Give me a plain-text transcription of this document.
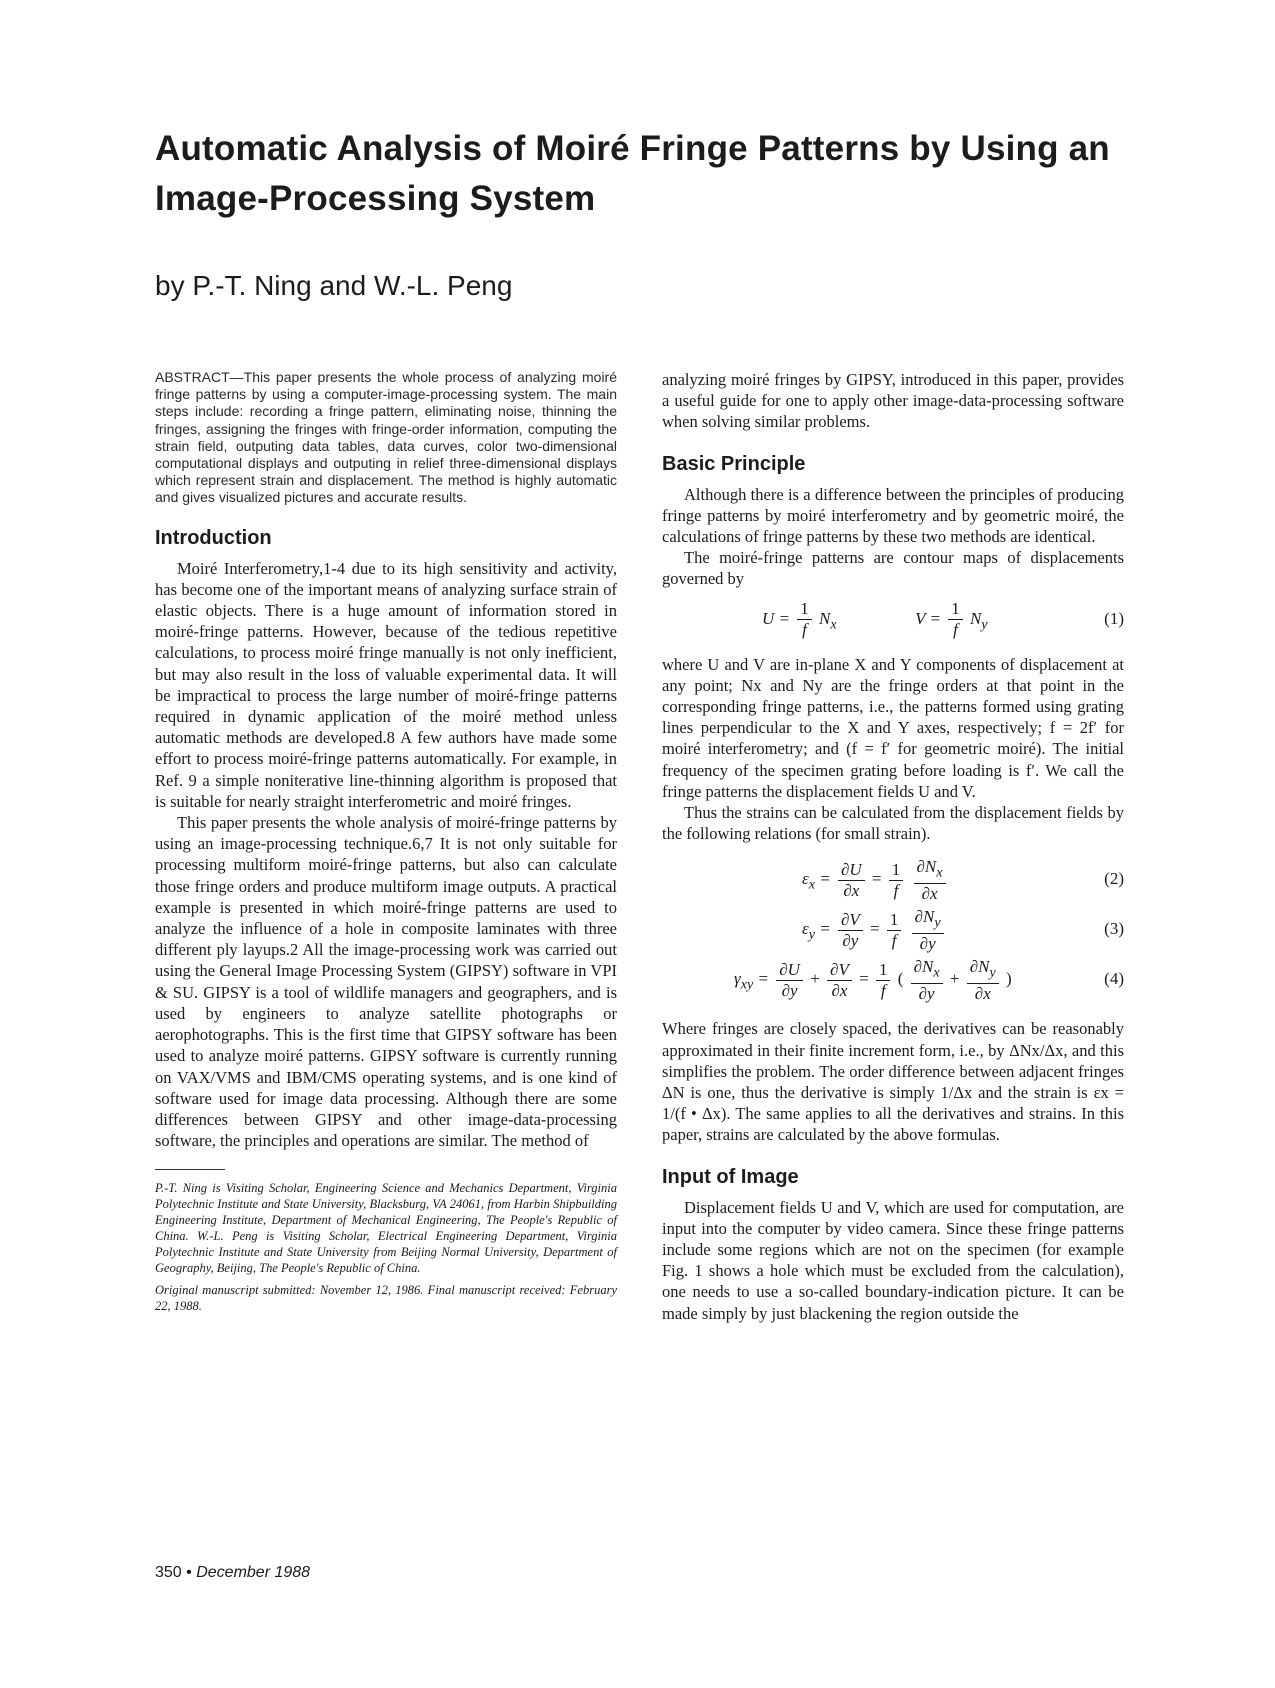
Automatic Analysis of Moiré Fringe Patterns by Using an Image-Processing System

by P.-T. Ning and W.-L. Peng

ABSTRACT—This paper presents the whole process of analyzing moiré fringe patterns by using a computer-image-processing system. The main steps include: recording a fringe pattern, eliminating noise, thinning the fringes, assigning the fringes with fringe-order information, computing the strain field, outputing data tables, data curves, color two-dimensional computational displays and outputing in relief three-dimensional displays which represent strain and displacement. The method is highly automatic and gives visualized pictures and accurate results.

Introduction

Moiré Interferometry,1-4 due to its high sensitivity and activity, has become one of the important means of analyzing surface strain of elastic objects. There is a huge amount of information stored in moiré-fringe patterns. However, because of the tedious repetitive calculations, to process moiré fringe manually is not only inefficient, but may also result in the loss of valuable experimental data. It will be impractical to process the large number of moiré-fringe patterns required in dynamic application of the moiré method unless automatic methods are developed.8 A few authors have made some effort to process moiré-fringe patterns automatically. For example, in Ref. 9 a simple noniterative line-thinning algorithm is proposed that is suitable for nearly straight interferometric and moiré fringes.

This paper presents the whole analysis of moiré-fringe patterns by using an image-processing technique.6,7 It is not only suitable for processing multiform moiré-fringe patterns, but also can calculate those fringe orders and produce multiform image outputs. A practical example is presented in which moiré-fringe patterns are used to analyze the influence of a hole in composite laminates with three different ply layups.2 All the image-processing work was carried out using the General Image Processing System (GIPSY) software in VPI & SU. GIPSY is a tool of wildlife managers and geographers, and is used by engineers to analyze satellite photographs or aerophotographs. This is the first time that GIPSY software has been used to analyze moiré patterns. GIPSY software is currently running on VAX/VMS and IBM/CMS operating systems, and is one kind of software used for image data processing. Although there are some differences between GIPSY and other image-data-processing software, the principles and operations are similar. The method of

P.-T. Ning is Visiting Scholar, Engineering Science and Mechanics Department, Virginia Polytechnic Institute and State University, Blacksburg, VA 24061, from Harbin Shipbuilding Engineering Institute, Department of Mechanical Engineering, The People's Republic of China. W.-L. Peng is Visiting Scholar, Electrical Engineering Department, Virginia Polytechnic Institute and State University from Beijing Normal University, Department of Geography, Beijing, The People's Republic of China.

Original manuscript submitted: November 12, 1986. Final manuscript received: February 22, 1988.

analyzing moiré fringes by GIPSY, introduced in this paper, provides a useful guide for one to apply other image-data-processing software when solving similar problems.

Basic Principle

Although there is a difference between the principles of producing fringe patterns by moiré interferometry and by geometric moiré, the calculations of fringe patterns by these two methods are identical.

The moiré-fringe patterns are contour maps of displacements governed by

$U = \frac{1}{f} N_x$	$V = \frac{1}{f} N_y$	(1)

where U and V are in-plane X and Y components of displacement at any point; Nx and Ny are the fringe orders at that point in the corresponding fringe patterns, i.e., the patterns formed using grating lines perpendicular to the X and Y axes, respectively; f = 2f′ for moiré interferometry; and (f = f′ for geometric moiré). The initial frequency of the specimen grating before loading is f′. We call the fringe patterns the displacement fields U and V.

Thus the strains can be calculated from the displacement fields by the following relations (for small strain).

$\varepsilon_x = \frac{\partial U}{\partial x} = \frac{1}{f}$
$\frac{\partial N_x}{\partial x}$	(2)
$\varepsilon_y = \frac{\partial V}{\partial y} = \frac{1}{f}$
$\frac{\partial N_y}{\partial y}$	(3)
$\gamma_{xy} = \frac{\partial U}{\partial y} + \frac{\partial V}{\partial x} = \frac{1}{f}$ ( $\frac{\partial N_x}{\partial y} + \frac{\partial N_y}{\partial x}$ )	(4)

Where fringes are closely spaced, the derivatives can be reasonably approximated in their finite increment form, i.e., by ΔNx/Δx, and this simplifies the problem. The order difference between adjacent fringes ΔN is one, thus the derivative is simply 1/Δx and the strain is εx = 1/(f • Δx). The same applies to all the derivatives and strains. In this paper, strains are calculated by the above formulas.

Input of Image

Displacement fields U and V, which are used for computation, are input into the computer by video camera. Since these fringe patterns include some regions which are not on the specimen (for example Fig. 1 shows a hole which must be excluded from the calculation), one needs to use a so-called boundary-indication picture. It can be made simply by just blackening the region outside the

350 • December 1988
